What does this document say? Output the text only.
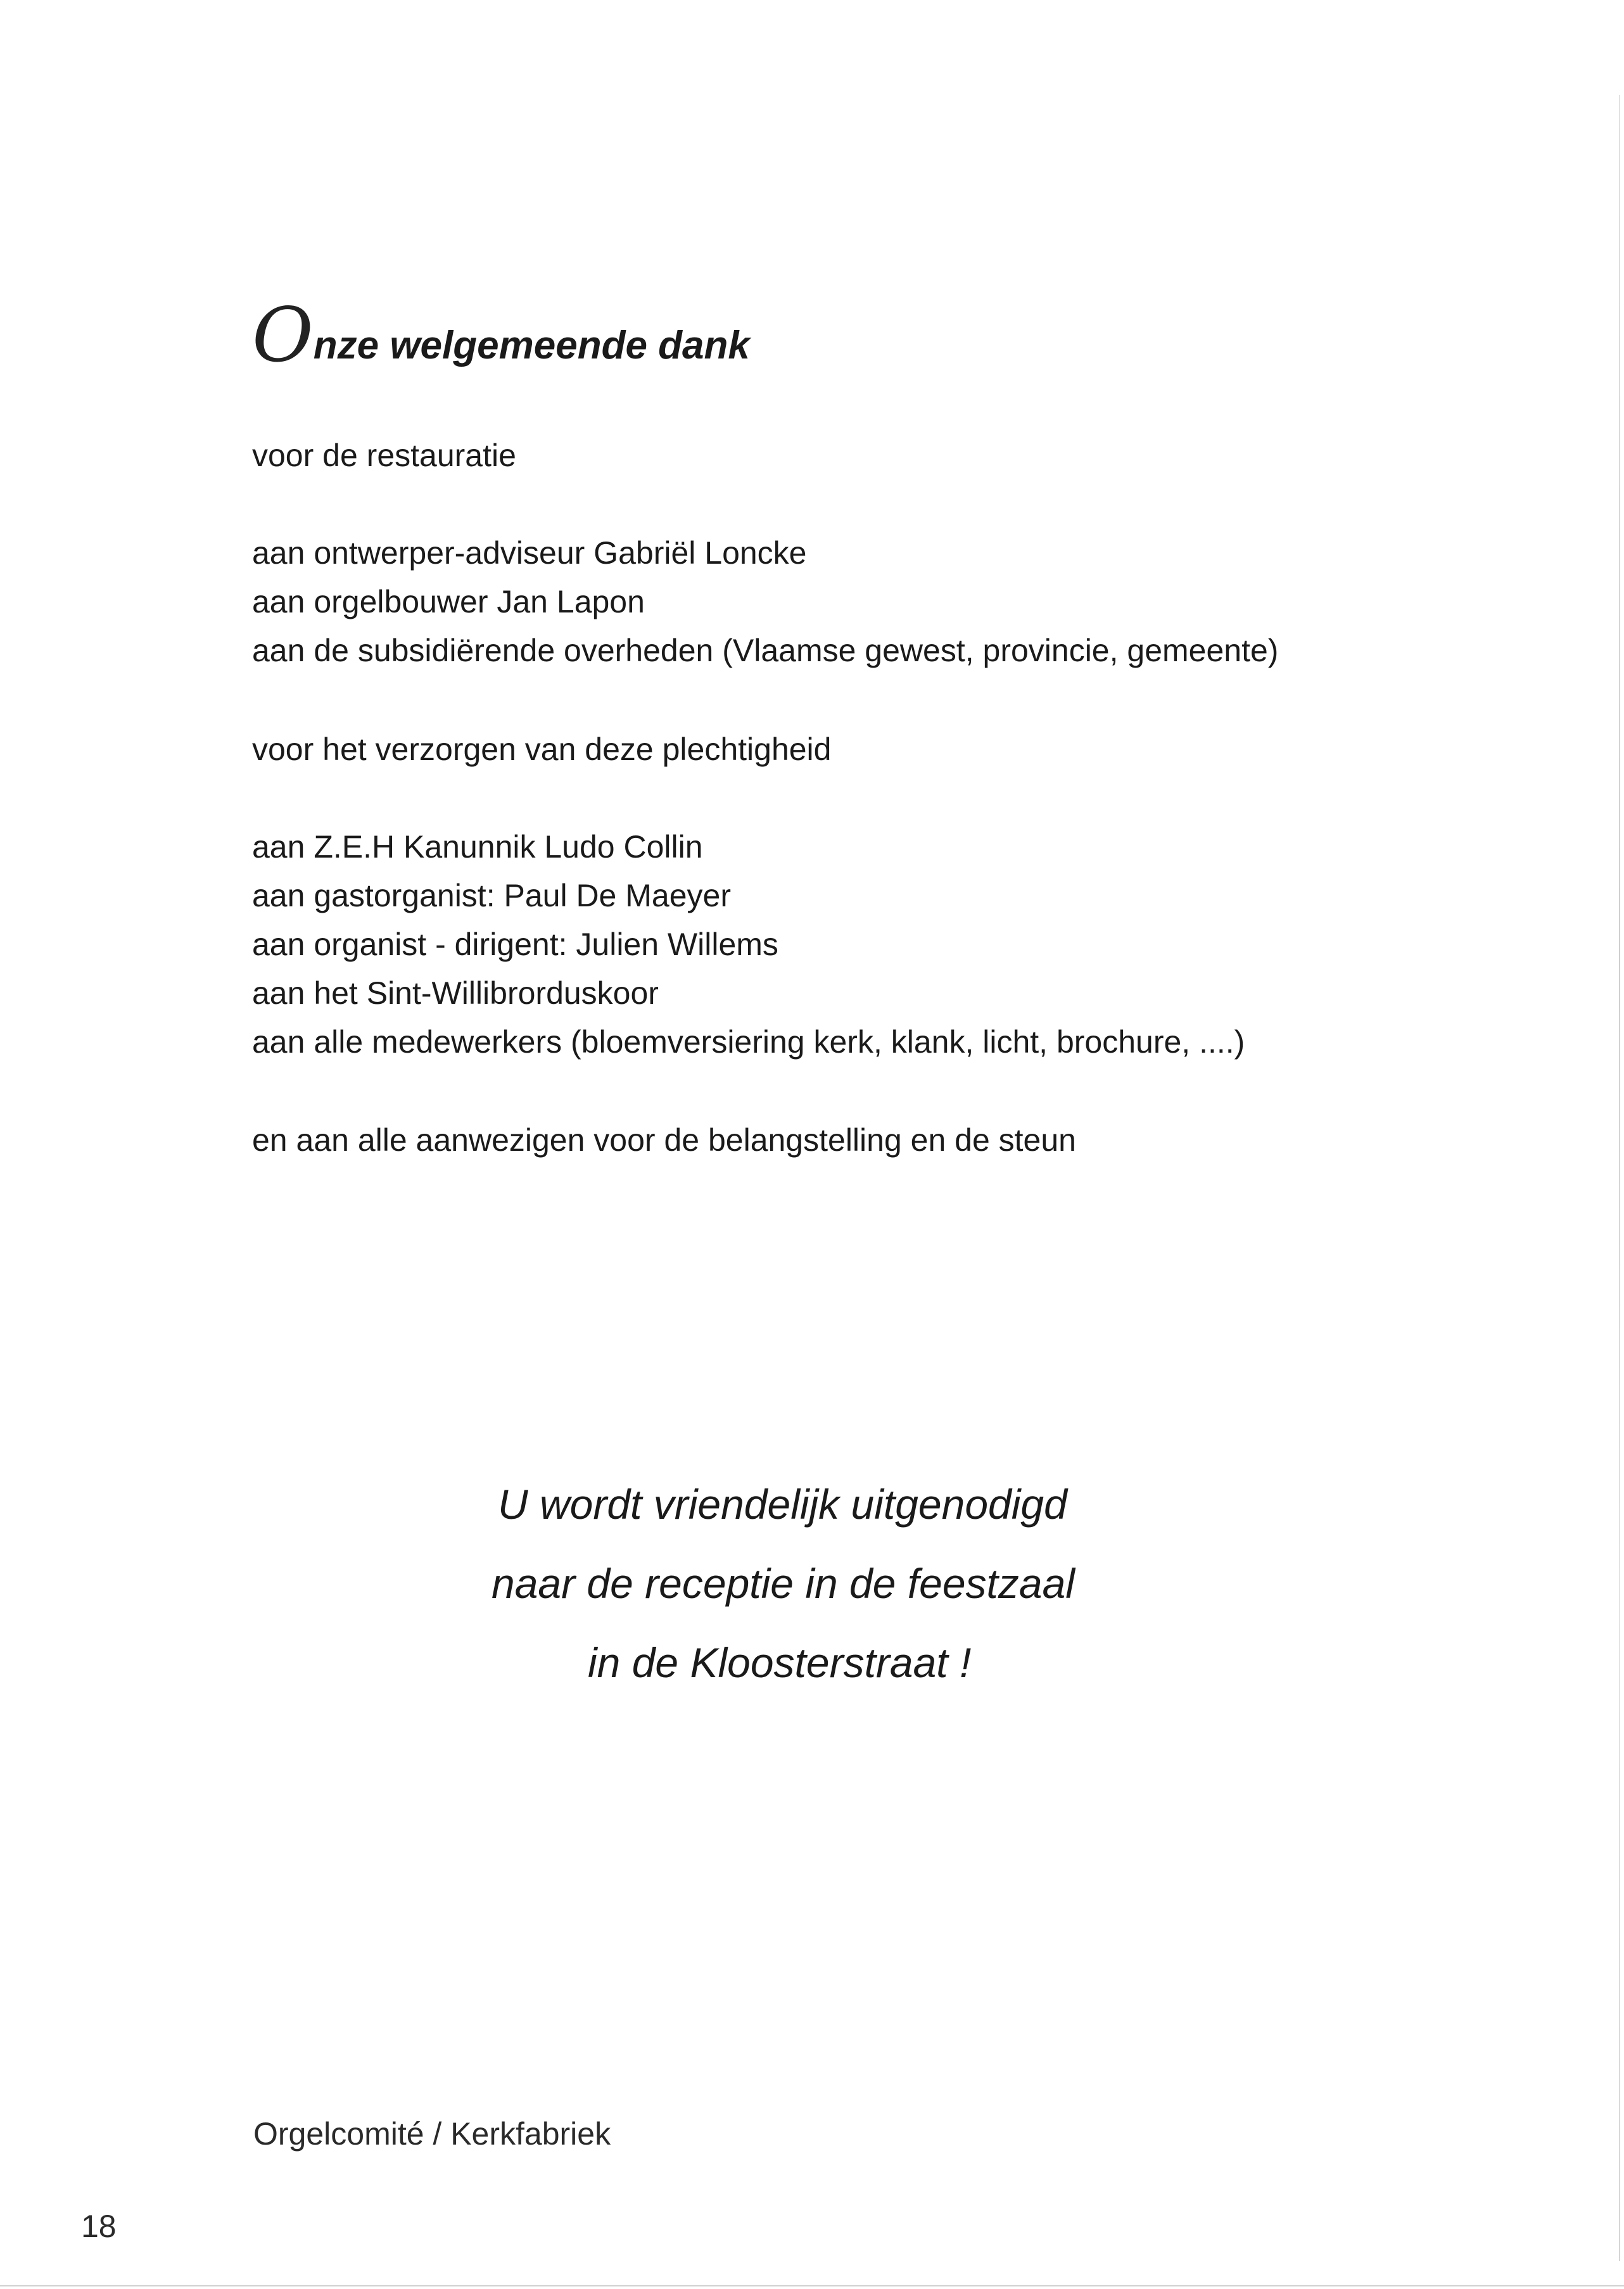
Onze welgemeende dank
voor de restauratie
aan ontwerper-adviseur Gabriël Loncke
aan orgelbouwer Jan Lapon
aan de subsidiërende overheden (Vlaamse gewest, provincie, gemeente)
voor het verzorgen van deze plechtigheid
aan Z.E.H Kanunnik Ludo Collin
aan gastorganist: Paul De Maeyer
aan organist - dirigent: Julien Willems
aan het Sint-Willibrorduskoor
aan alle medewerkers (bloemversiering kerk, klank, licht, brochure, ....)
en aan alle aanwezigen voor de belangstelling en de steun
U wordt vriendelijk uitgenodigd
naar de receptie in de feestzaal
in de Kloosterstraat !
Orgelcomité / Kerkfabriek
18
